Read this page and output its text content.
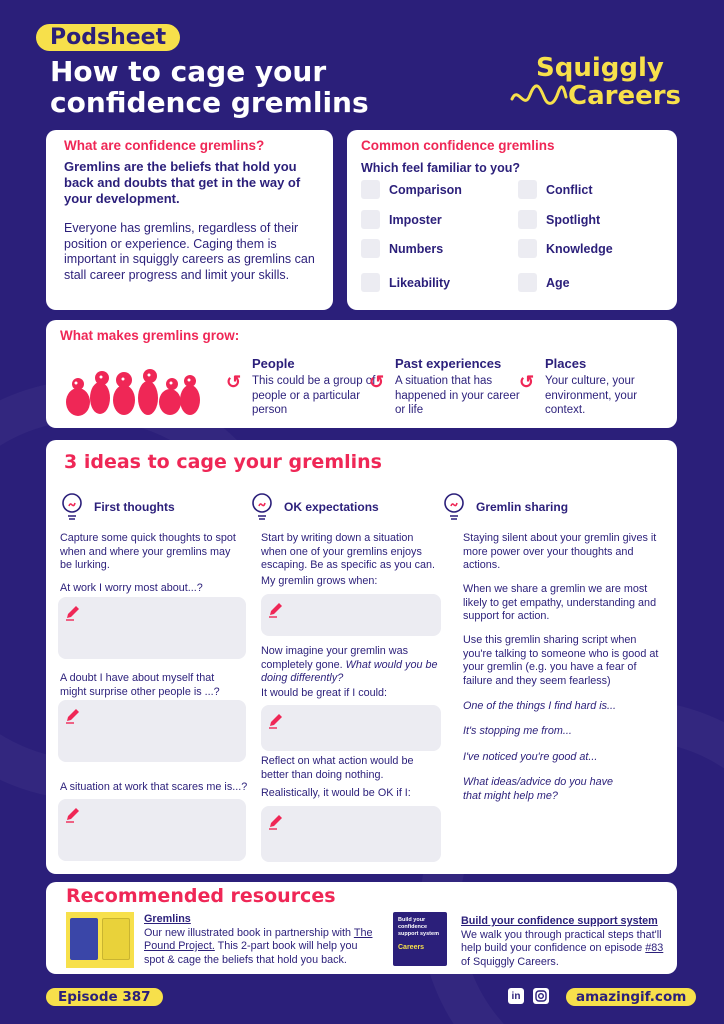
Podsheet
How to cage your confidence gremlins
Squiggly
Careers
What are confidence gremlins?
Gremlins are the beliefs that hold you back and doubts that get in the way of your development.
Everyone has gremlins, regardless of their position or experience. Caging them is important in squiggly careers as gremlins can stall career progress and limit your skills.
Common confidence gremlins
Which feel familiar to you?
Comparison
Imposter
Numbers
Likeability
Conflict
Spotlight
Knowledge
Age
What makes gremlins grow:
↺
People
This could be a group of people or a particular person
↺
Past experiences
A situation that has happened in your career or life
↺
Places
Your culture, your environment, your context.
3 ideas to cage your gremlins
First thoughts
Capture some quick thoughts to spot when and where your gremlins may be lurking.
At work I worry most about...?
A doubt I have about myself that might surprise other people is ...?
A situation at work that scares me is...?
OK expectations
Start by writing down a situation when one of your gremlins enjoys escaping. Be as specific as you can.
My gremlin grows when:
Now imagine your gremlin was completely gone. What would you be doing differently?
It would be great if I could:
Reflect on what action would be better than doing nothing.
Realistically, it would be OK if I:
Gremlin sharing
Staying silent about your gremlin gives it more power over your thoughts and actions.
When we share a gremlin we are most likely to get empathy, understanding and support for action.
Use this gremlin sharing script when you're talking to someone who is good at your gremlin (e.g. you have a fear of failure and they seem fearless)
One of the things I find hard is...
It's stopping me from...
I've noticed you're good at...
What ideas/advice do you have that might help me?
Recommended resources
Gremlins
Our new illustrated book in partnership with The Pound Project. This 2-part book will help you spot & cage the beliefs that hold you back.
Build your confidence support system
Careers
Build your confidence support system
We walk you through practical steps that'll help build your confidence on episode #83 of Squiggly Careers.
Episode 387	in	amazingif.com
